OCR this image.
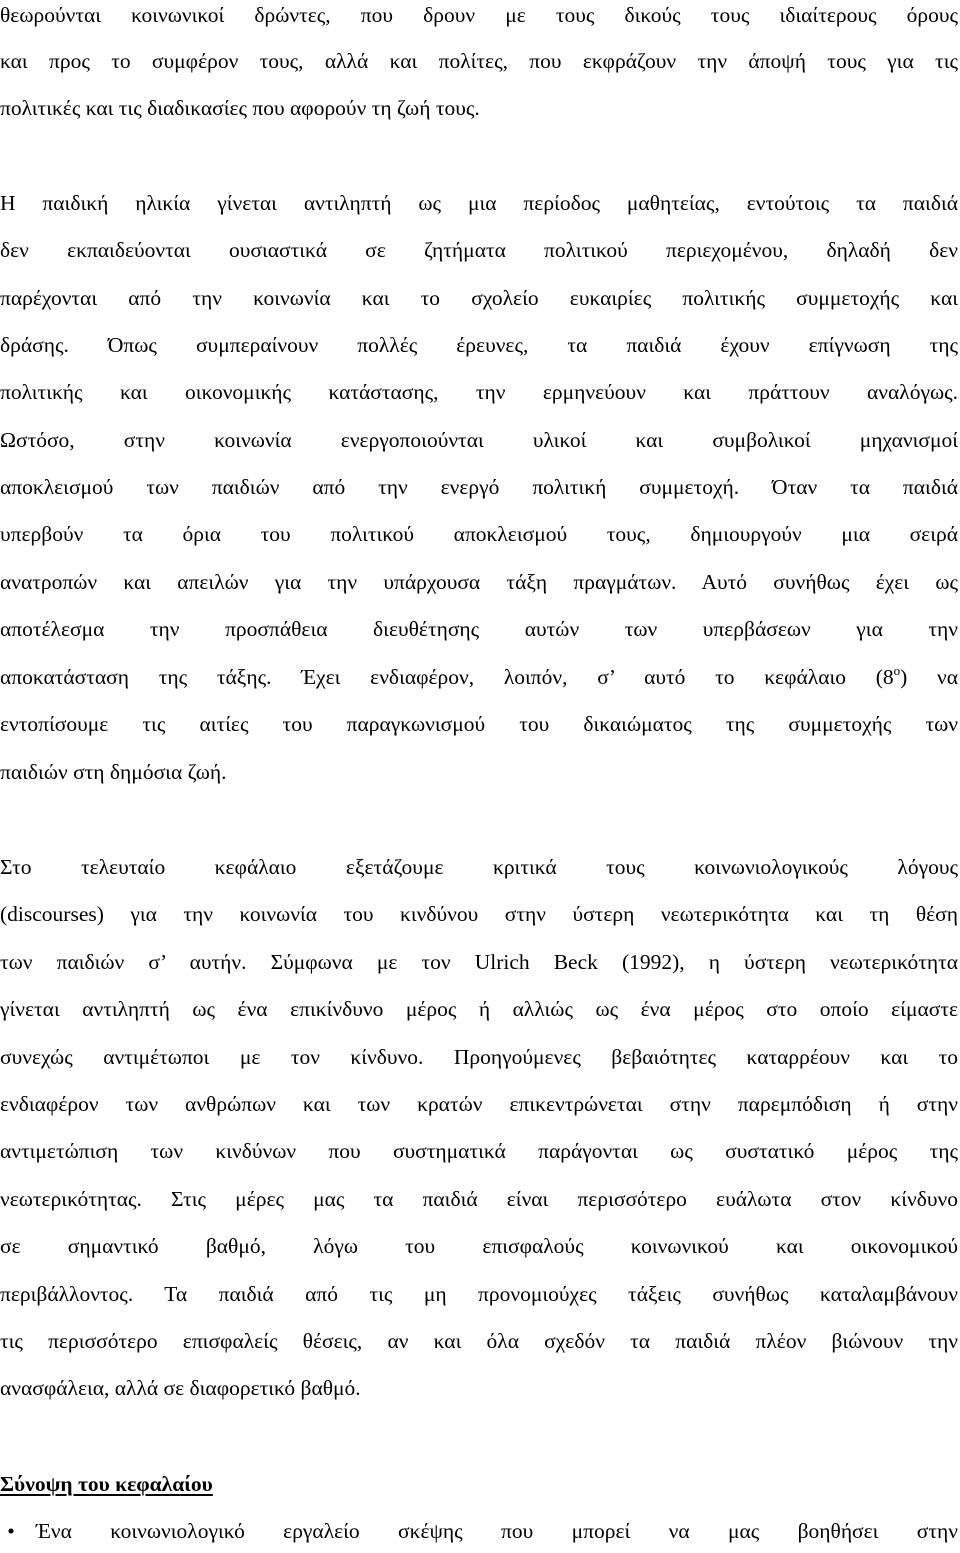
θεωρούνται κοινωνικοί δρώντες, που δρουν με τους δικούς τους ιδιαίτερους όρους
και προς το συμφέρον τους, αλλά και πολίτες, που εκφράζουν την άποψή τους για τις
πολιτικές και τις διαδικασίες που αφορούν τη ζωή τους.
Η παιδική ηλικία γίνεται αντιληπτή ως μια περίοδος μαθητείας, εντούτοις τα παιδιά
δεν εκπαιδεύονται ουσιαστικά σε ζητήματα πολιτικού περιεχομένου, δηλαδή δεν
παρέχονται από την κοινωνία και το σχολείο ευκαιρίες πολιτικής συμμετοχής και
δράσης. Όπως συμπεραίνουν πολλές έρευνες, τα παιδιά έχουν επίγνωση της
πολιτικής και οικονομικής κατάστασης, την ερμηνεύουν και πράττουν αναλόγως.
Ωστόσο, στην κοινωνία ενεργοποιούνται υλικοί και συμβολικοί μηχανισμοί
αποκλεισμού των παιδιών από την ενεργό πολιτική συμμετοχή. Όταν τα παιδιά
υπερβούν τα όρια του πολιτικού αποκλεισμού τους, δημιουργούν μια σειρά
ανατροπών και απειλών για την υπάρχουσα τάξη πραγμάτων. Αυτό συνήθως έχει ως
αποτέλεσμα την προσπάθεια διευθέτησης αυτών των υπερβάσεων για την
αποκατάσταση της τάξης. Έχει ενδιαφέρον, λοιπόν, σ’ αυτό το κεφάλαιο $(8^o)$ να
εντοπίσουμε τις αιτίες του παραγκωνισμού του δικαιώματος της συμμετοχής των
παιδιών στη δημόσια ζωή.
Στο τελευταίο κεφάλαιο εξετάζουμε κριτικά τους κοινωνιολογικούς λόγους
(discourses) για την κοινωνία του κινδύνου στην ύστερη νεωτερικότητα και τη θέση
των παιδιών σ’ αυτήν. Σύμφωνα με τον Ulrich Beck (1992), η ύστερη νεωτερικότητα
γίνεται αντιληπτή ως ένα επικίνδυνο μέρος ή αλλιώς ως ένα μέρος στο οποίο είμαστε
συνεχώς αντιμέτωποι με τον κίνδυνο. Προηγούμενες βεβαιότητες καταρρέουν και το
ενδιαφέρον των ανθρώπων και των κρατών επικεντρώνεται στην παρεμπόδιση ή στην
αντιμετώπιση των κινδύνων που συστηματικά παράγονται ως συστατικό μέρος της
νεωτερικότητας. Στις μέρες μας τα παιδιά είναι περισσότερο ευάλωτα στον κίνδυνο
σε σημαντικό βαθμό, λόγω του επισφαλούς κοινωνικού και οικονομικού
περιβάλλοντος. Τα παιδιά από τις μη προνομιούχες τάξεις συνήθως καταλαμβάνουν
τις περισσότερο επισφαλείς θέσεις, αν και όλα σχεδόν τα παιδιά πλέον βιώνουν την
ανασφάλεια, αλλά σε διαφορετικό βαθμό.
Σύνοψη του κεφαλαίου
• Ένα κοινωνιολογικό εργαλείο σκέψης που μπορεί να μας βοηθήσει στην
